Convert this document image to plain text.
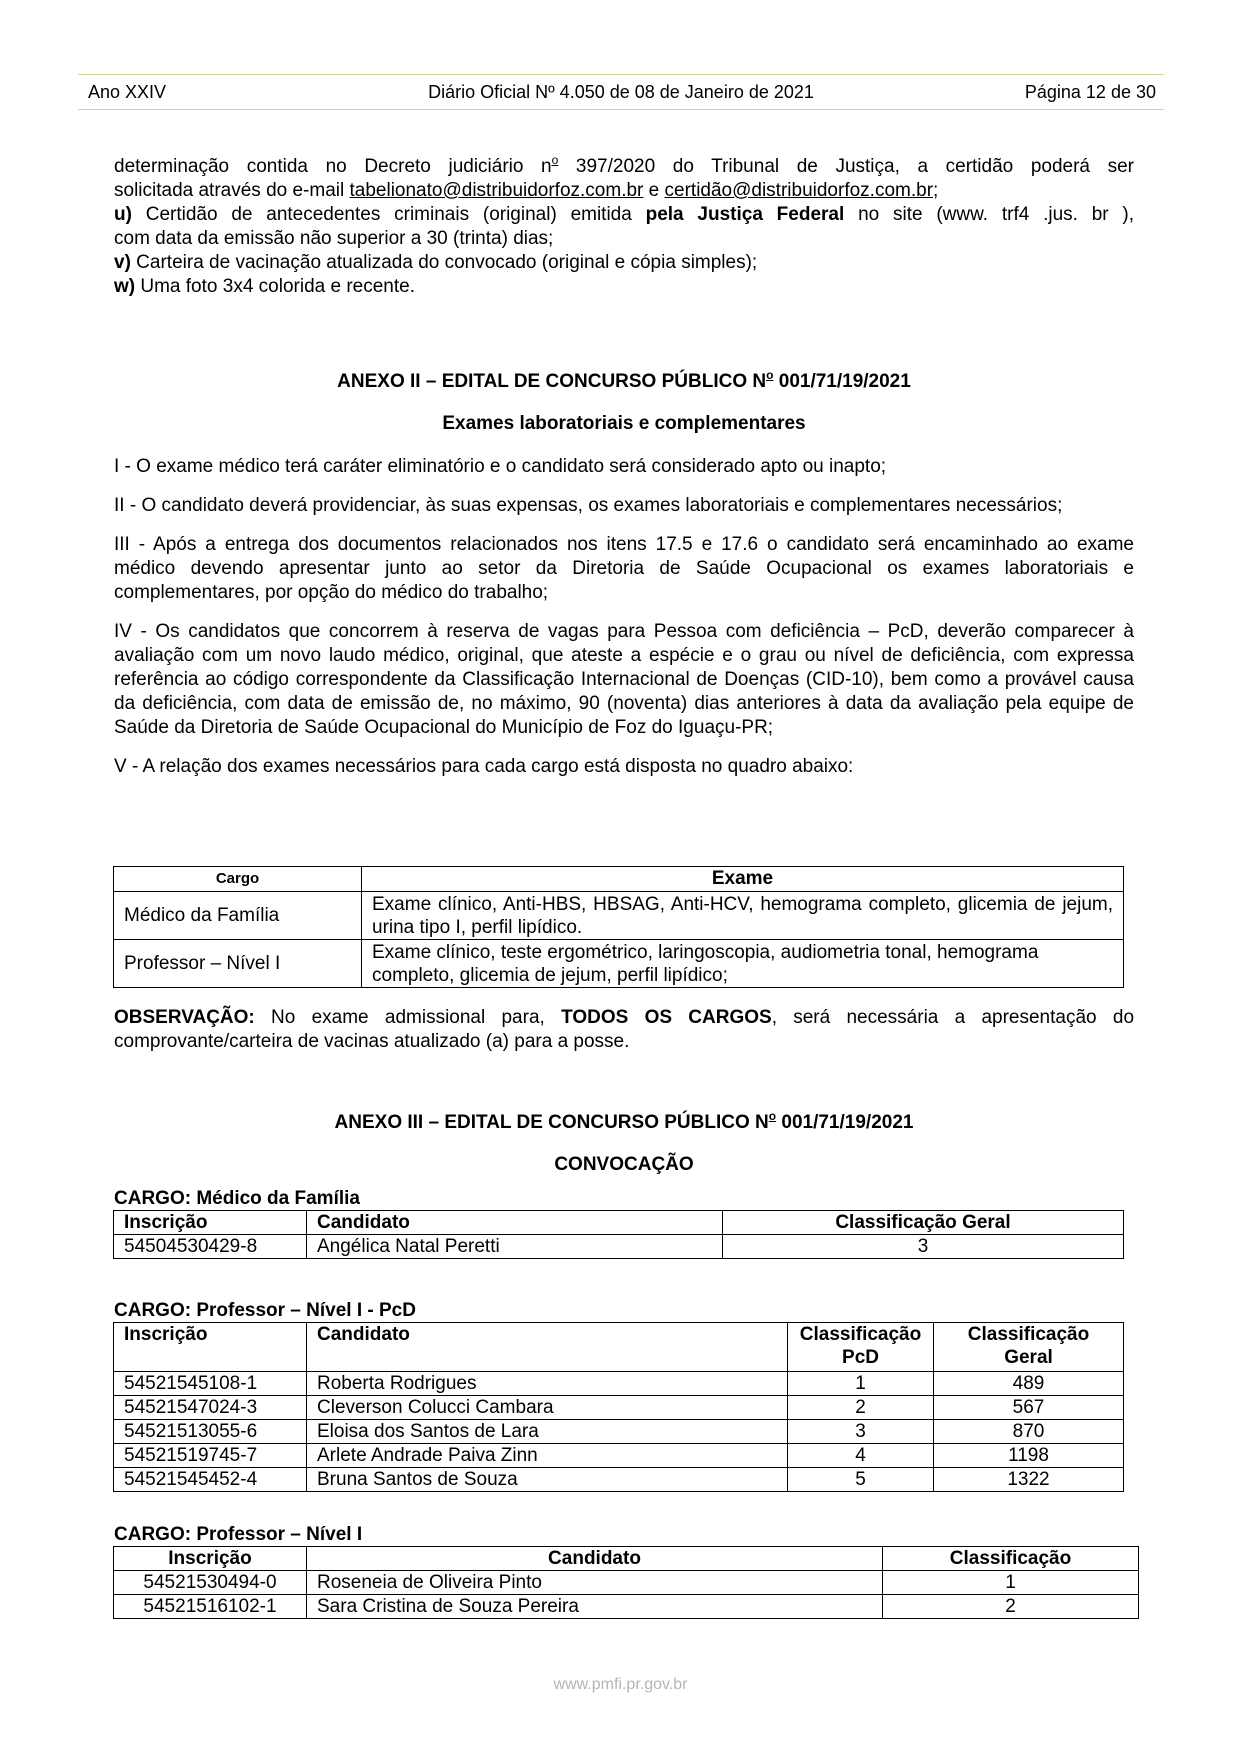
Ano XXIV	Diário Oficial Nº 4.050 de 08 de Janeiro de 2021	Página 12 de 30
determinação contida no Decreto judiciário $n^o$ 397/2020 do Tribunal de Justiça, a certidão poderá ser
solicitada através do e-mail tabelionato@distribuidorfoz.com.br e certidão@distribuidorfoz.com.br;
u) Certidão de antecedentes criminais (original) emitida pela Justiça Federal no site (www. trf4 .jus. br ),
com data da emissão não superior a 30 (trinta) dias;
v) Carteira de vacinação atualizada do convocado (original e cópia simples);
w) Uma foto 3x4 colorida e recente.
ANEXO II – EDITAL DE CONCURSO PÚBLICO $N^o$ 001/71/19/2021
Exames laboratoriais e complementares
I - O exame médico terá caráter eliminatório e o candidato será considerado apto ou inapto;
II - O candidato deverá providenciar, às suas expensas, os exames laboratoriais e complementares necessários;
III - Após a entrega dos documentos relacionados nos itens 17.5 e 17.6 o candidato será encaminhado ao exame médico devendo apresentar junto ao setor da Diretoria de Saúde Ocupacional os exames laboratoriais e complementares, por opção do médico do trabalho;
IV - Os candidatos que concorrem à reserva de vagas para Pessoa com deficiência – PcD, deverão comparecer à avaliação com um novo laudo médico, original, que ateste a espécie e o grau ou nível de deficiência, com expressa referência ao código correspondente da Classificação Internacional de Doenças (CID-10), bem como a provável causa da deficiência, com data de emissão de, no máximo, 90 (noventa) dias anteriores à data da avaliação pela equipe de Saúde da Diretoria de Saúde Ocupacional do Município de Foz do Iguaçu-PR;
V - A relação dos exames necessários para cada cargo está disposta no quadro abaixo:
Cargo	Exame
Médico da Família	Exame clínico, Anti-HBS, HBSAG, Anti-HCV, hemograma completo, glicemia de jejum, urina tipo I, perfil lipídico.
Professor – Nível I	Exame clínico, teste ergométrico, laringoscopia, audiometria tonal, hemograma completo, glicemia de jejum, perfil lipídico;
OBSERVAÇÃO: No exame admissional para, TODOS OS CARGOS, será necessária a apresentação do comprovante/carteira de vacinas atualizado (a) para a posse.
ANEXO III – EDITAL DE CONCURSO PÚBLICO $N^o$ 001/71/19/2021
CONVOCAÇÃO
CARGO: Médico da Família
Inscrição	Candidato	Classificação Geral
54504530429-8	Angélica Natal Peretti	3
CARGO: Professor – Nível I - PcD
Inscrição	Candidato	Classificação PcD	Classificação Geral
54521545108-1	Roberta Rodrigues	1	489
54521547024-3	Cleverson Colucci Cambara	2	567
54521513055-6	Eloisa dos Santos de Lara	3	870
54521519745-7	Arlete Andrade Paiva Zinn	4	1198
54521545452-4	Bruna Santos de Souza	5	1322
CARGO: Professor – Nível I
Inscrição	Candidato	Classificação
54521530494-0	Roseneia de Oliveira Pinto	1
54521516102-1	Sara Cristina de Souza Pereira	2
www.pmfi.pr.gov.br
